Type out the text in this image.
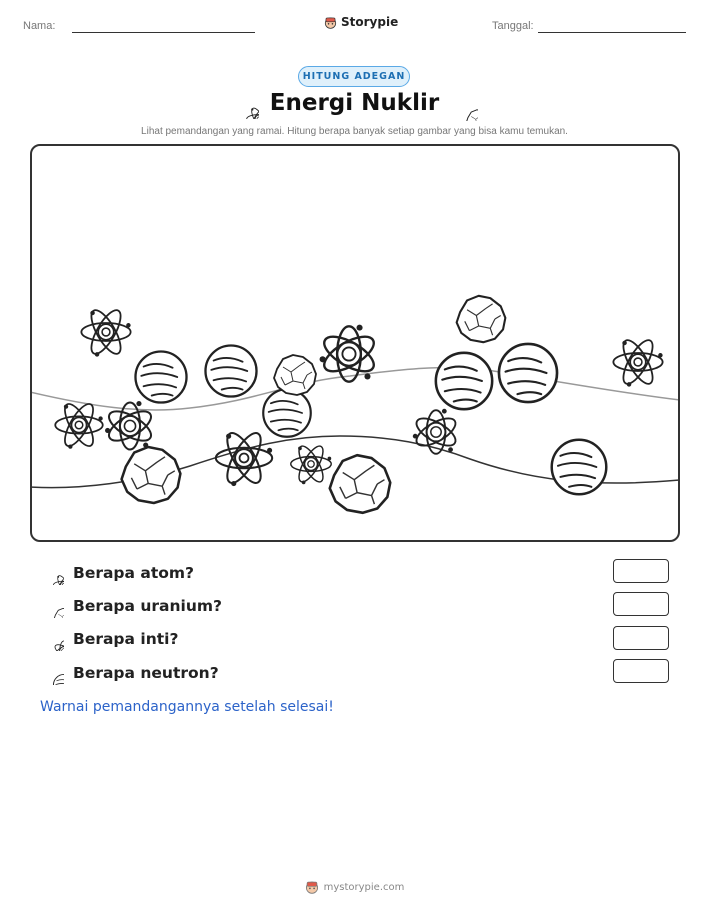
Nama:	Storypie	Tanggal:
HITUNG ADEGAN
Energi Nuklir
Lihat pemandangan yang ramai. Hitung berapa banyak setiap gambar yang bisa kamu temukan.
Berapa atom?
Berapa uranium?
Berapa inti?
Berapa neutron?
Warnai pemandangannya setelah selesai!
mystorypie.com
